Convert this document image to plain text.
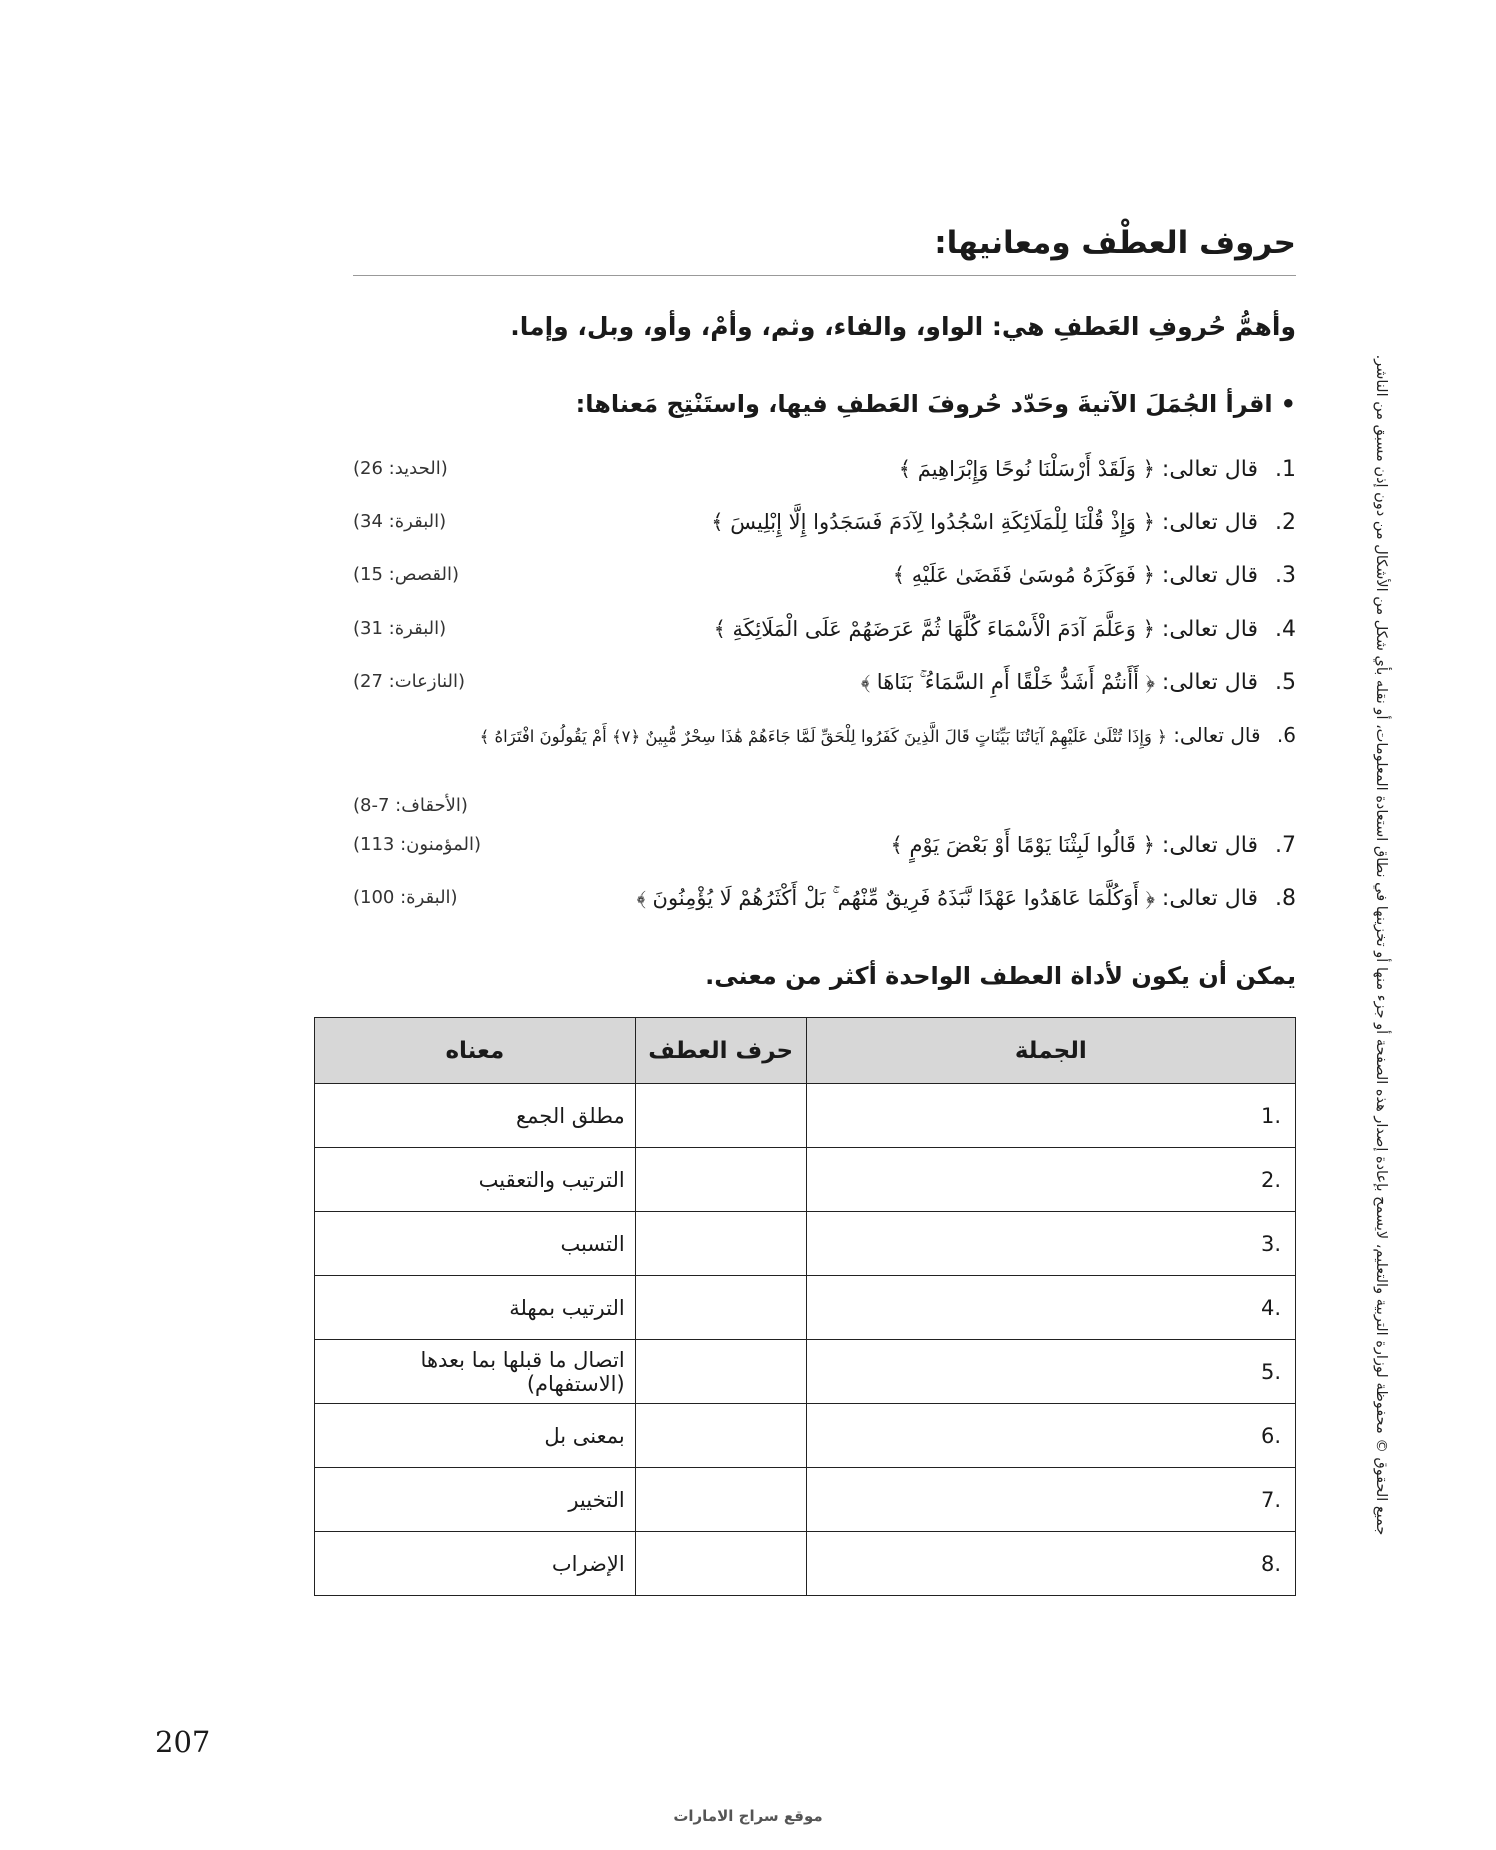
حروف العطْف ومعانيها:
وأهمُّ حُروفِ العَطفِ هي: الواو، والفاء، وثم، وأمْ، وأو، وبل، وإما.
•اقرأ الجُمَلَ الآتيةَ وحَدّد حُروفَ العَطفِ فيها، واستَنْتِج مَعناها:
1. قال تعالى: ﴿ وَلَقَدْ أَرْسَلْنَا نُوحًا وَإِبْرَاهِيمَ ﴾
(الحديد: 26)
2. قال تعالى: ﴿ وَإِذْ قُلْنَا لِلْمَلَائِكَةِ اسْجُدُوا لِآدَمَ فَسَجَدُوا إِلَّا إِبْلِيسَ ﴾
(البقرة: 34)
3. قال تعالى: ﴿ فَوَكَزَهُ مُوسَىٰ فَقَضَىٰ عَلَيْهِ ﴾
(القصص: 15)
4. قال تعالى: ﴿ وَعَلَّمَ آدَمَ الْأَسْمَاءَ كُلَّهَا ثُمَّ عَرَضَهُمْ عَلَى الْمَلَائِكَةِ ﴾
(البقرة: 31)
5. قال تعالى: ﴿ أَأَنتُمْ أَشَدُّ خَلْقًا أَمِ السَّمَاءُ ۚ بَنَاهَا ﴾
(النازعات: 27)
6. قال تعالى: ﴿ وَإِذَا تُتْلَىٰ عَلَيْهِمْ آيَاتُنَا بَيِّنَاتٍ قَالَ الَّذِينَ كَفَرُوا لِلْحَقِّ لَمَّا جَاءَهُمْ هَٰذَا سِحْرٌ مُّبِينٌ ﴿٧﴾ أَمْ يَقُولُونَ افْتَرَاهُ ﴾
(الأحقاف: 7-8)
7. قال تعالى: ﴿ قَالُوا لَبِثْنَا يَوْمًا أَوْ بَعْضَ يَوْمٍ ﴾
(المؤمنون: 113)
8. قال تعالى: ﴿ أَوَكُلَّمَا عَاهَدُوا عَهْدًا نَّبَذَهُ فَرِيقٌ مِّنْهُم ۚ بَلْ أَكْثَرُهُمْ لَا يُؤْمِنُونَ ﴾
(البقرة: 100)
يمكن أن يكون لأداة العطف الواحدة أكثر من معنى.
الجملة	حرف العطف	معناه
.1		مطلق الجمع
.2		الترتيب والتعقيب
.3		التسبب
.4		الترتيب بمهلة
.5		اتصال ما قبلها بما بعدها (الاستفهام)
.6		بمعنى بل
.7		التخيير
.8		الإضراب
جميع الحقوق © محفوظة لوزارة التربية والتعليم، لايسمح بإعادة إصدار هذه الصفحة أو جزء منها أو تخزينها في نطاق استعادة المعلومات، أو نقله بأي شكل من الأشكال من دون إذن مسبق من الناشر.
207
موقع سراج الامارات
